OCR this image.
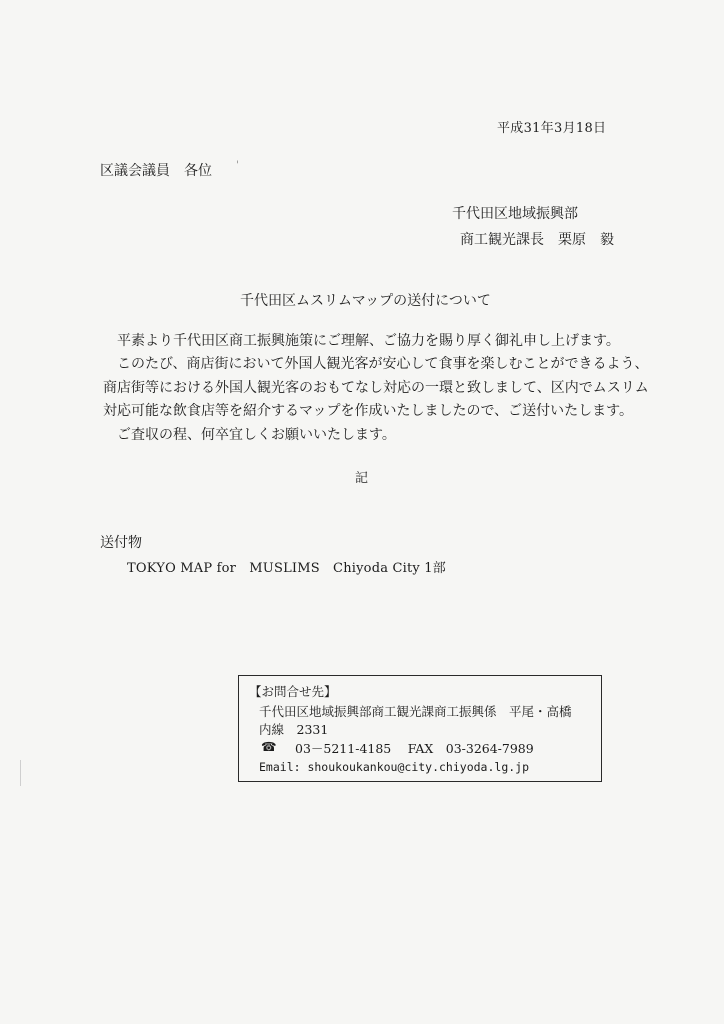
平成31年3月18日
区議会議員　各位 '
千代田区地域振興部
商工観光課長　栗原　毅
千代田区ムスリムマップの送付について

平素より千代田区商工振興施策にご理解、ご協力を賜り厚く御礼申し上げます。

このたび、商店街において外国人観光客が安心して食事を楽しむことができるよう、

商店街等における外国人観光客のおもてなし対応の一環と致しまして、区内でムスリム

対応可能な飲食店等を紹介するマップを作成いたしましたので、ご送付いたします。

ご査収の程、何卒宜しくお願いいたします。

記
送付物
TOKYO MAP for　MUSLIMS　Chiyoda City 1部
【お問合せ先】
千代田区地域振興部商工観光課商工振興係　平尾・高橋
内線　2331
☎ 03－5211-4185　 FAX　03-3264-7989
Email: shoukoukankou@city.chiyoda.lg.jp
